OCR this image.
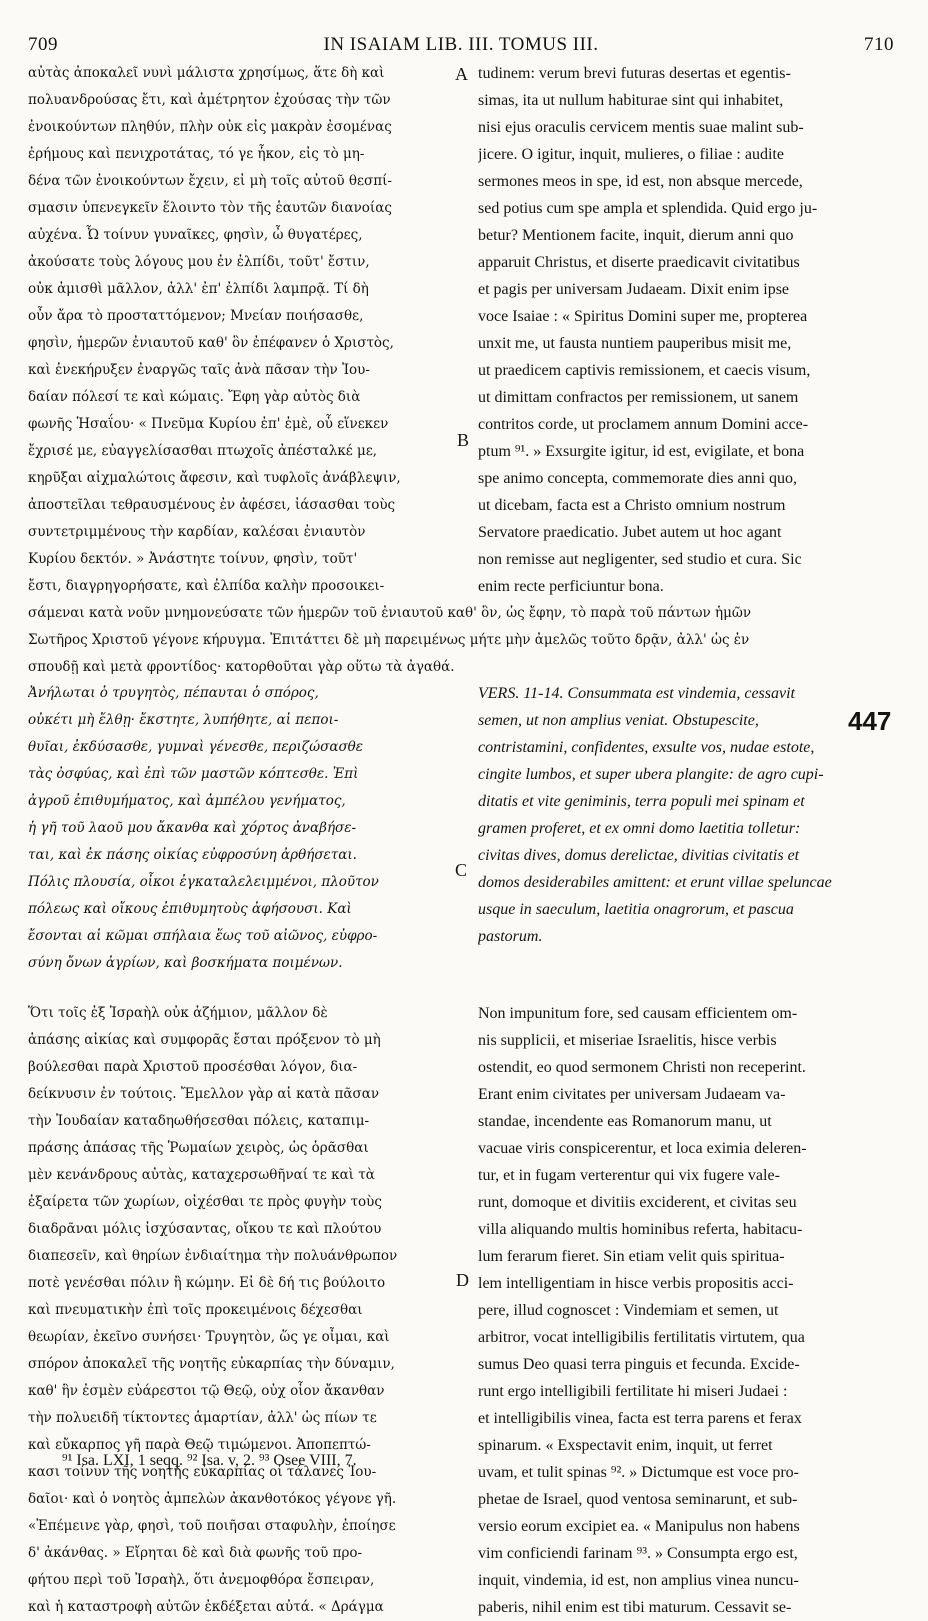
709	IN ISAIAM LIB. III. TOMUS III.	710
αὐτὰς ἀποκαλεῖ νυνὶ μάλιστα χρησίμως, ἅτε δὴ καὶ
πολυανδρούσας ἔτι, καὶ ἀμέτρητον ἐχούσας τὴν τῶν
ἐνοικούντων πληθύν, πλὴν οὐκ εἰς μακρὰν ἐσομένας
ἐρήμους καὶ πενιχροτάτας, τό γε ἧκον, εἰς τὸ μη-
δένα τῶν ἐνοικούντων ἔχειν, εἰ μὴ τοῖς αὐτοῦ θεσπί-
σμασιν ὑπενεγκεῖν ἕλοιντο τὸν τῆς ἑαυτῶν διανοίας
αὐχένα. Ὦ τοίνυν γυναῖκες, φησὶν, ὦ θυγατέρες,
ἀκούσατε τοὺς λόγους μου ἐν ἐλπίδι, τοῦτ' ἔστιν,
οὐκ ἀμισθὶ μᾶλλον, ἀλλ' ἐπ' ἐλπίδι λαμπρᾷ. Τί δὴ
οὖν ἄρα τὸ προσταττόμενον; Μνείαν ποιήσασθε,
φησὶν, ἡμερῶν ἐνιαυτοῦ καθ' ὃν ἐπέφανεν ὁ Χριστὸς,
καὶ ἐνεκήρυξεν ἐναργῶς ταῖς ἀνὰ πᾶσαν τὴν Ἰου-
δαίαν πόλεσί τε καὶ κώμαις. Ἔφη γὰρ αὐτὸς διὰ
φωνῆς Ἡσαΐου· « Πνεῦμα Κυρίου ἐπ' ἐμὲ, οὗ εἵνεκεν
ἔχρισέ με, εὐαγγελίσασθαι πτωχοῖς ἀπέσταλκέ με,
κηρῦξαι αἰχμαλώτοις ἄφεσιν, καὶ τυφλοῖς ἀνάβλεψιν,
ἀποστεῖλαι τεθραυσμένους ἐν ἀφέσει, ἰάσασθαι τοὺς
συντετριμμένους τὴν καρδίαν, καλέσαι ἐνιαυτὸν
Κυρίου δεκτόν. » Ἀνάστητε τοίνυν, φησὶν, τοῦτ'
ἔστι, διαγρηγορήσατε, καὶ ἐλπίδα καλὴν προσοικει-
tudinem: verum brevi futuras desertas et egentis-
simas, ita ut nullum habiturae sint qui inhabitet,
nisi ejus oraculis cervicem mentis suae malint sub-
jicere. O igitur, inquit, mulieres, o filiae : audite
sermones meos in spe, id est, non absque mercede,
sed potius cum spe ampla et splendida. Quid ergo ju-
betur? Mentionem facite, inquit, dierum anni quo
apparuit Christus, et diserte praedicavit civitatibus
et pagis per universam Judaeam. Dixit enim ipse
voce Isaiae : « Spiritus Domini super me, propterea
unxit me, ut fausta nuntiem pauperibus misit me,
ut praedicem captivis remissionem, et caecis visum,
ut dimittam confractos per remissionem, ut sanem
contritos corde, ut proclamem annum Domini acce-
ptum ⁹¹. » Exsurgite igitur, id est, evigilate, et bona
spe animo concepta, commemorate dies anni quo,
ut dicebam, facta est a Christo omnium nostrum
Servatore praedicatio. Jubet autem ut hoc agant
non remisse aut negligenter, sed studio et cura. Sic
enim recte perficiuntur bona.
σάμεναι κατὰ νοῦν μνημονεύσατε τῶν ἡμερῶν τοῦ ἐνιαυτοῦ καθ' ὃν, ὡς ἔφην, τὸ παρὰ τοῦ πάντων ἡμῶν
Σωτῆρος Χριστοῦ γέγονε κήρυγμα. Ἐπιτάττει δὲ μὴ παρειμένως μήτε μὴν ἀμελῶς τοῦτο δρᾷν, ἀλλ' ὡς ἐν
σπουδῇ καὶ μετὰ φροντίδος· κατορθοῦται γὰρ οὕτω τὰ ἀγαθά.
Ἀνήλωται ὁ τρυγητὸς, πέπαυται ὁ σπόρος,
οὐκέτι μὴ ἔλθῃ· ἔκστητε, λυπήθητε, αἱ πεποι-
θυῖαι, ἐκδύσασθε, γυμναὶ γένεσθε, περιζώσασθε
τὰς ὀσφύας, καὶ ἐπὶ τῶν μαστῶν κόπτεσθε. Ἐπὶ
ἀγροῦ ἐπιθυμήματος, καὶ ἀμπέλου γενήματος,
ἡ γῆ τοῦ λαοῦ μου ἄκανθα καὶ χόρτος ἀναβήσε-
ται, καὶ ἐκ πάσης οἰκίας εὐφροσύνη ἀρθήσεται.
Πόλις πλουσία, οἶκοι ἐγκαταλελειμμένοι, πλοῦτον
πόλεως καὶ οἴκους ἐπιθυμητοὺς ἀφήσουσι. Καὶ
ἔσονται αἱ κῶμαι σπήλαια ἕως τοῦ αἰῶνος, εὐφρο-
σύνη ὄνων ἀγρίων, καὶ βοσκήματα ποιμένων.
VERS. 11-14. Consummata est vindemia, cessavit
semen, ut non amplius veniat. Obstupescite,
contristamini, confidentes, exsulte vos, nudae estote,
cingite lumbos, et super ubera plangite: de agro cupi-
ditatis et vite geniminis, terra populi mei spinam et
gramen proferet, et ex omni domo laetitia tolletur:
civitas dives, domus derelictae, divitias civitatis et
domos desiderabiles amittent: et erunt villae speluncae
usque in saeculum, laetitia onagrorum, et pascua
pastorum.
Ὅτι τοῖς ἐξ Ἰσραὴλ οὐκ ἀζήμιον, μᾶλλον δὲ
ἁπάσης αἰκίας καὶ συμφορᾶς ἔσται πρόξενον τὸ μὴ
βούλεσθαι παρὰ Χριστοῦ προσέσθαι λόγον, δια-
δείκνυσιν ἐν τούτοις. Ἔμελλον γὰρ αἱ κατὰ πᾶσαν
τὴν Ἰουδαίαν καταδηωθήσεσθαι πόλεις, καταπιμ-
πράσης ἁπάσας τῆς Ῥωμαίων χειρὸς, ὡς ὁρᾶσθαι
μὲν κενάνδρους αὐτὰς, καταχερσωθῆναί τε καὶ τὰ
ἐξαίρετα τῶν χωρίων, οἰχέσθαι τε πρὸς φυγὴν τοὺς
διαδρᾶναι μόλις ἰσχύσαντας, οἴκου τε καὶ πλούτου
διαπεσεῖν, καὶ θηρίων ἐνδιαίτημα τὴν πολυάνθρωπον
ποτὲ γενέσθαι πόλιν ἢ κώμην. Εἰ δὲ δή τις βούλοιτο
καὶ πνευματικὴν ἐπὶ τοῖς προκειμένοις δέχεσθαι
θεωρίαν, ἐκεῖνο συνήσει· Τρυγητὸν, ὥς γε οἶμαι, καὶ
σπόρον ἀποκαλεῖ τῆς νοητῆς εὐκαρπίας τὴν δύναμιν,
καθ' ἣν ἐσμὲν εὐάρεστοι τῷ Θεῷ, οὐχ οἷον ἄκανθαν
τὴν πολυειδῆ τίκτοντες ἁμαρτίαν, ἀλλ' ὡς πίων τε
καὶ εὔκαρπος γῆ παρὰ Θεῷ τιμώμενοι. Ἀποπεπτώ-
κασι τοίνυν τῆς νοητῆς εὐκαρπίας οἱ τάλανες Ἰου-
δαῖοι· καὶ ὁ νοητὸς ἀμπελὼν ἀκανθοτόκος γέγονε γῆ.
«Ἐπέμεινε γὰρ, φησὶ, τοῦ ποιῆσαι σταφυλὴν, ἐποίησε
δ' ἀκάνθας. » Εἴρηται δὲ καὶ διὰ φωνῆς τοῦ προ-
φήτου περὶ τοῦ Ἰσραὴλ, ὅτι ἀνεμοφθόρα ἔσπειραν,
καὶ ἡ καταστροφὴ αὐτῶν ἐκδέξεται αὐτά. « Δράγμα
Non impunitum fore, sed causam efficientem om-
nis supplicii, et miseriae Israelitis, hisce verbis
ostendit, eo quod sermonem Christi non receperint.
Erant enim civitates per universam Judaeam va-
standae, incendente eas Romanorum manu, ut
vacuae viris conspicerentur, et loca eximia deleren-
tur, et in fugam verterentur qui vix fugere vale-
runt, domoque et divitiis exciderent, et civitas seu
villa aliquando multis hominibus referta, habitacu-
lum ferarum fieret. Sin etiam velit quis spiritua-
lem intelligentiam in hisce verbis propositis acci-
pere, illud cognoscet : Vindemiam et semen, ut
arbitror, vocat intelligibilis fertilitatis virtutem, qua
sumus Deo quasi terra pinguis et fecunda. Excide-
runt ergo intelligibili fertilitate hi miseri Judaei :
et intelligibilis vinea, facta est terra parens et ferax
spinarum. « Exspectavit enim, inquit, ut ferret
uvam, et tulit spinas ⁹². » Dictumque est voce pro-
phetae de Israel, quod ventosa seminarunt, et sub-
versio eorum excipiet ea. « Manipulus non habens
vim conficiendi farinam ⁹³. » Consumpta ergo est,
inquit, vindemia, id est, non amplius vinea nuncu-
paberis, nihil enim est tibi maturum. Cessavit se-
A
B
C
D
447
⁹¹ Isa. LXI, 1 seqq. ⁹² Isa. v, 2. ⁹³ Osee VIII, 7.
